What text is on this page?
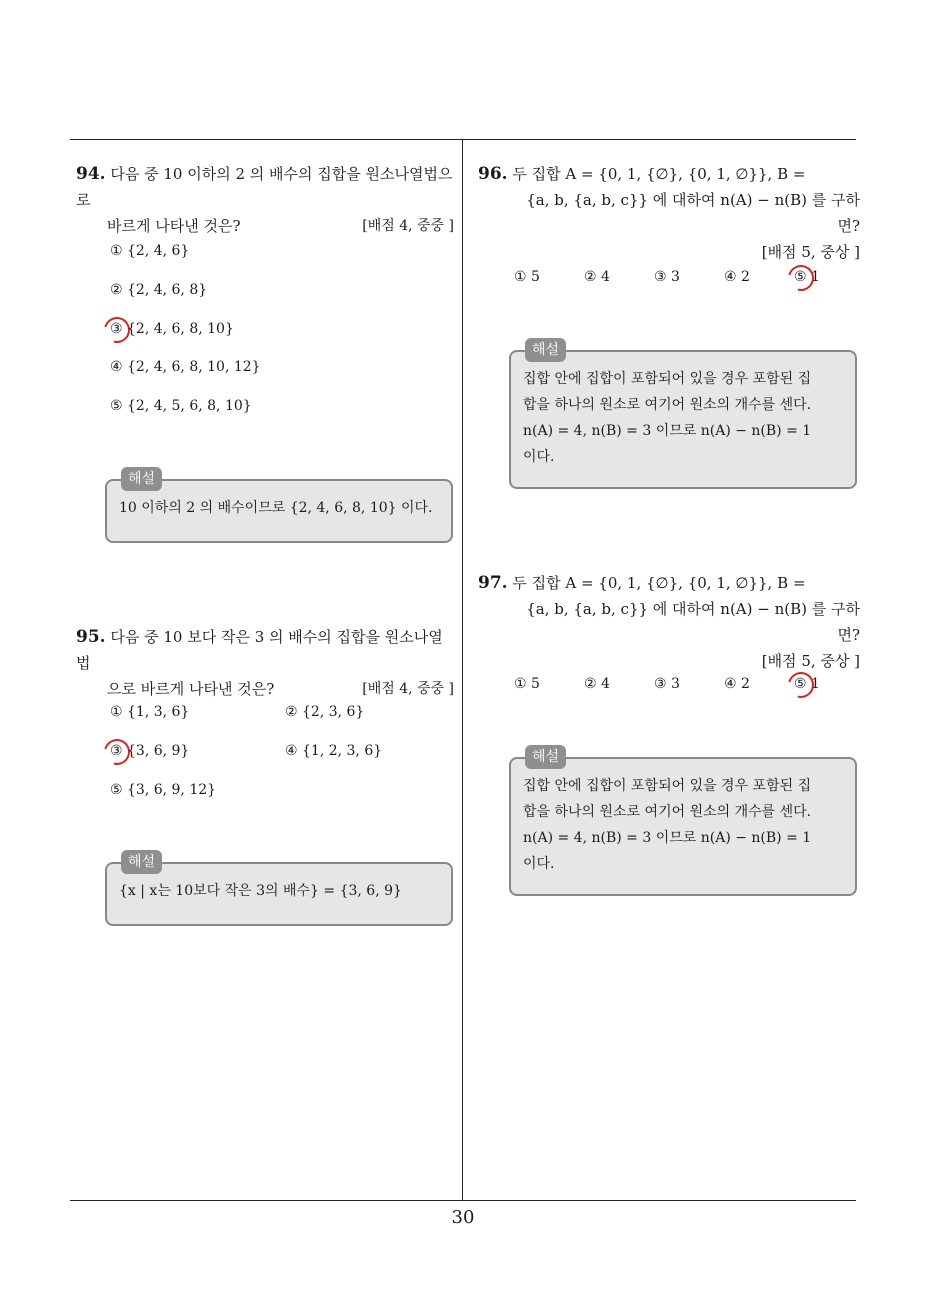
94. 다음 중 10 이하의 2 의 배수의 집합을 원소나열법으로
바르게 나타낸 것은?	[배점 4, 중중 ]
① {2, 4, 6}
② {2, 4, 6, 8}
③ {2, 4, 6, 8, 10}
④ {2, 4, 6, 8, 10, 12}
⑤ {2, 4, 5, 6, 8, 10}
해설
10 이하의 2 의 배수이므로 {2, 4, 6, 8, 10} 이다.
95. 다음 중 10 보다 작은 3 의 배수의 집합을 원소나열법
으로 바르게 나타낸 것은?	[배점 4, 중중 ]
① {1, 3, 6}	② {2, 3, 6}
③ {3, 6, 9}	④ {1, 2, 3, 6}
⑤ {3, 6, 9, 12}
해설
{x | x는 10보다 작은 3의 배수} = {3, 6, 9}
96. 두 집합 A = {0, 1, {∅}, {0, 1, ∅}}, B =
{a, b, {a, b, c}} 에 대하여 n(A) − n(B) 를 구하면?
[배점 5, 중상 ]
① 5	② 4	③ 3	④ 2	⑤ 1
해설
집합 안에 집합이 포함되어 있을 경우 포함된 집
합을 하나의 원소로 여기어 원소의 개수를 센다.
n(A) = 4, n(B) = 3 이므로 n(A) − n(B) = 1
이다.
97. 두 집합 A = {0, 1, {∅}, {0, 1, ∅}}, B =
{a, b, {a, b, c}} 에 대하여 n(A) − n(B) 를 구하면?
[배점 5, 중상 ]
① 5	② 4	③ 3	④ 2	⑤ 1
해설
집합 안에 집합이 포함되어 있을 경우 포함된 집
합을 하나의 원소로 여기어 원소의 개수를 센다.
n(A) = 4, n(B) = 3 이므로 n(A) − n(B) = 1
이다.
30
